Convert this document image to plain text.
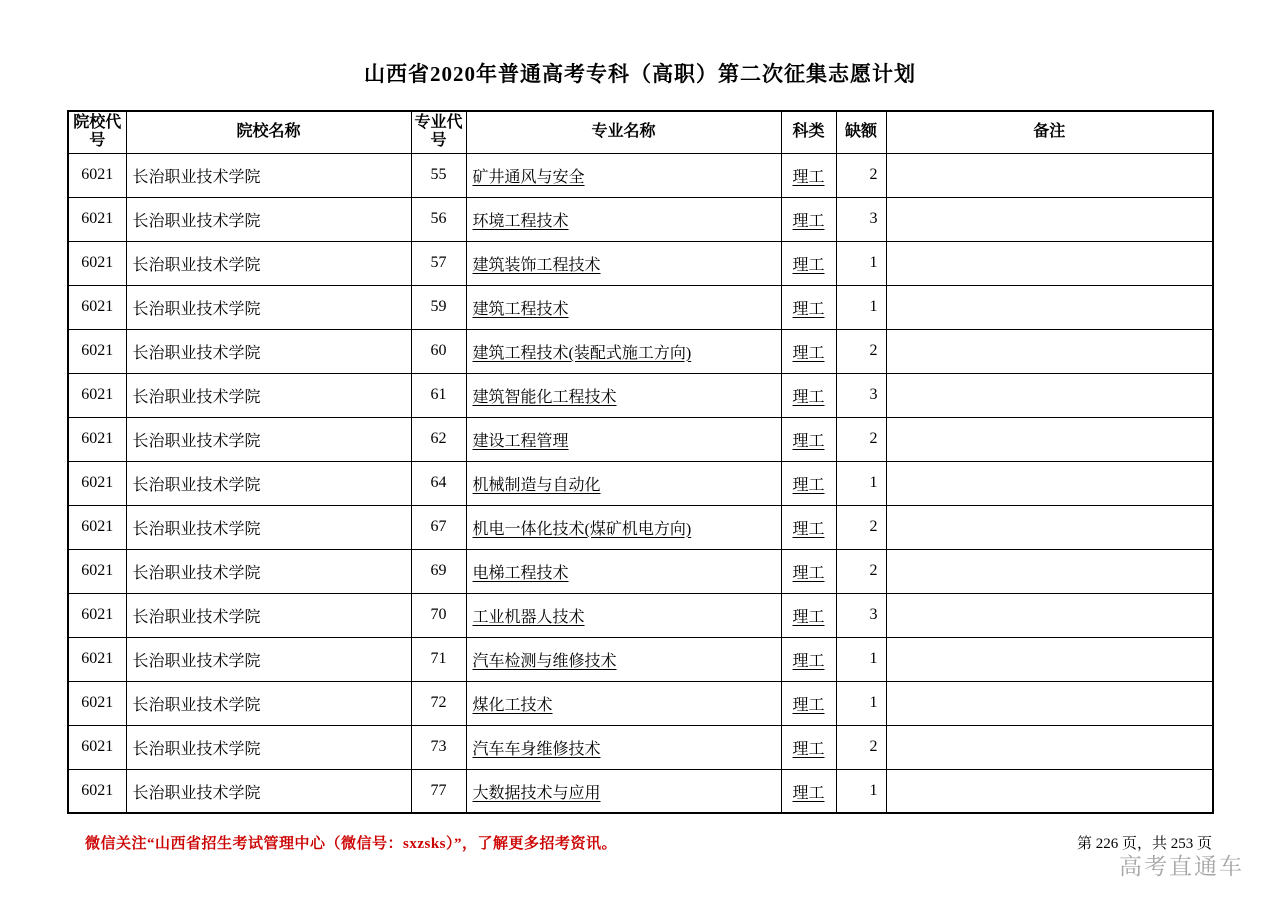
山西省2020年普通高考专科（高职）第二次征集志愿计划
院校代号	院校名称	专业代号	专业名称	科类	缺额	备注
6021	长治职业技术学院	55	矿井通风与安全	理工	2	
6021	长治职业技术学院	56	环境工程技术	理工	3	
6021	长治职业技术学院	57	建筑装饰工程技术	理工	1	
6021	长治职业技术学院	59	建筑工程技术	理工	1	
6021	长治职业技术学院	60	建筑工程技术(装配式施工方向)	理工	2	
6021	长治职业技术学院	61	建筑智能化工程技术	理工	3	
6021	长治职业技术学院	62	建设工程管理	理工	2	
6021	长治职业技术学院	64	机械制造与自动化	理工	1	
6021	长治职业技术学院	67	机电一体化技术(煤矿机电方向)	理工	2	
6021	长治职业技术学院	69	电梯工程技术	理工	2	
6021	长治职业技术学院	70	工业机器人技术	理工	3	
6021	长治职业技术学院	71	汽车检测与维修技术	理工	1	
6021	长治职业技术学院	72	煤化工技术	理工	1	
6021	长治职业技术学院	73	汽车车身维修技术	理工	2	
6021	长治职业技术学院	77	大数据技术与应用	理工	1	
微信关注“山西省招生考试管理中心（微信号：sxzsks）”，了解更多招考资讯。	第 226 页，共 253 页
高考直通车
